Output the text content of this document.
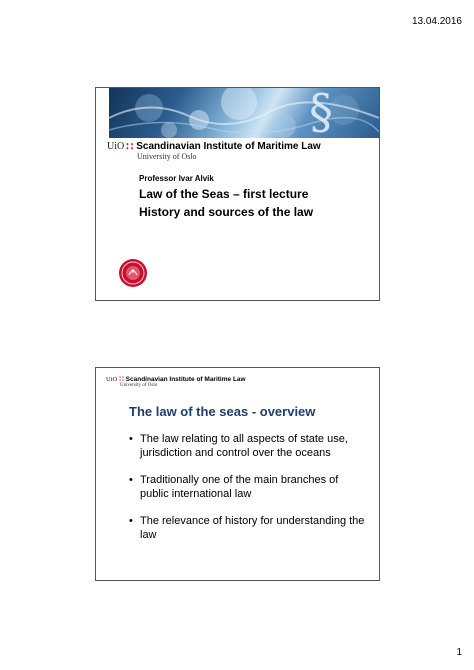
13.04.2016
§
UiO ∷ Scandinavian Institute of Maritime Law
University of Oslo
Professor Ivar Alvik
Law of the Seas – first lecture
History and sources of the law
UiO ∷ Scandinavian Institute of Maritime Law
University of Oslo
The law of the seas - overview
• The law relating to all aspects of state use, jurisdiction and control over the oceans
• Traditionally one of the main branches of public international law
• The relevance of history for understanding the law
1
